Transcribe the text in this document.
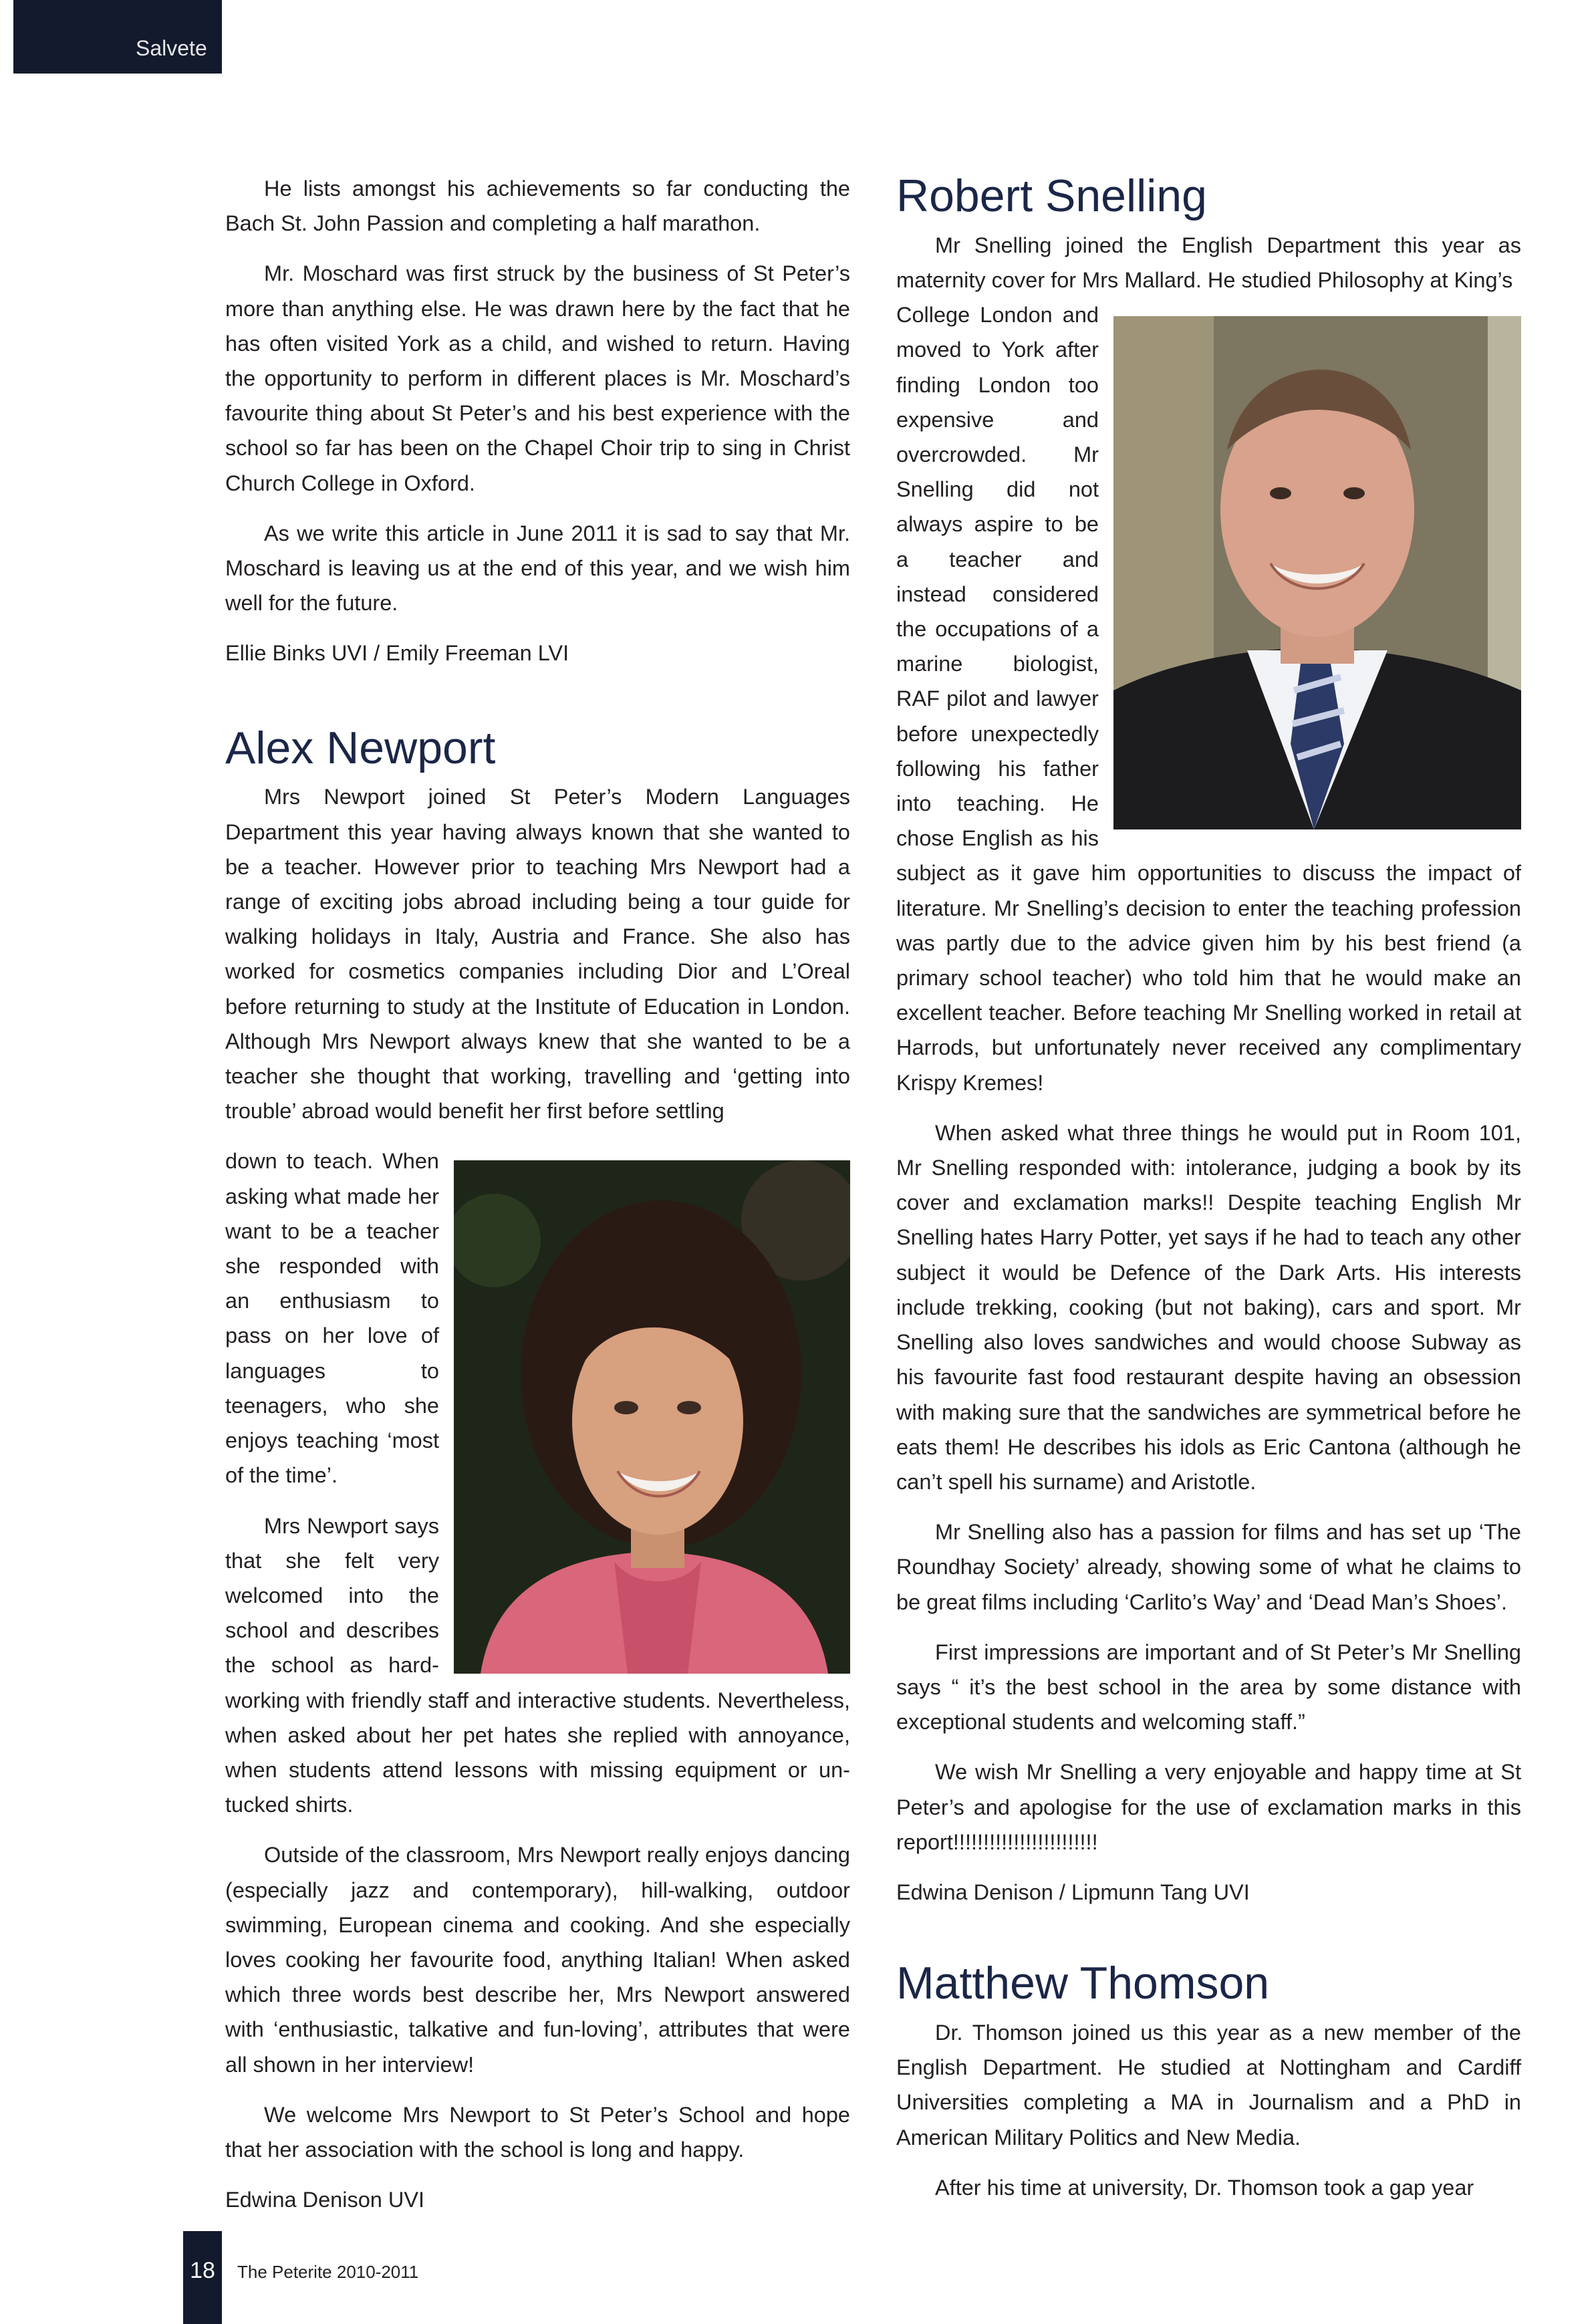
Salvete

He lists amongst his achievements so far conducting the Bach St. John Passion and completing a half marathon.

Mr. Moschard was first struck by the business of St Peter’s more than anything else. He was drawn here by the fact that he has often visited York as a child, and wished to return. Having the opportunity to perform in different places is Mr. Moschard’s favourite thing about St Peter’s and his best experience with the school so far has been on the Chapel Choir trip to sing in Christ Church College in Oxford.

As we write this article in June 2011 it is sad to say that Mr. Moschard is leaving us at the end of this year, and we wish him well for the future.

Ellie Binks UVI / Emily Freeman LVI

Alex Newport

Mrs Newport joined St Peter’s Modern Languages Department this year having always known that she wanted to be a teacher. However prior to teaching Mrs Newport had a range of exciting jobs abroad including being a tour guide for walking holidays in Italy, Austria and France. She also has worked for cosmetics companies including Dior and L’Oreal before returning to study at the Institute of Education in London. Although Mrs Newport always knew that she wanted to be a teacher she thought that working, travelling and ‘getting into trouble’ abroad would benefit her first before settling

down to teach. When asking what made her want to be a teacher she responded with an enthusiasm to pass on her love of languages to teenagers, who she enjoys teaching ‘most of the time’.

Mrs Newport says that she felt very welcomed into the school and describes the school as hard-working with friendly staff and interactive students. Nevertheless, when asked about her pet hates she replied with annoyance, when students attend lessons with missing equipment or un-tucked shirts.

Outside of the classroom, Mrs Newport really enjoys dancing (especially jazz and contemporary), hill-walking, outdoor swimming, European cinema and cooking. And she especially loves cooking her favourite food, anything Italian! When asked which three words best describe her, Mrs Newport answered with ‘enthusiastic, talkative and fun-loving’, attributes that were all shown in her interview!

We welcome Mrs Newport to St Peter’s School and hope that her association with the school is long and happy.

Edwina Denison UVI

Robert Snelling

Mr Snelling joined the English Department this year as maternity cover for Mrs Mallard. He studied Philosophy at King’s

College London and moved to York after finding London too expensive and overcrowded. Mr Snelling did not always aspire to be a teacher and instead considered the occupations of a marine biologist, RAF pilot and lawyer before unexpectedly following his father into teaching. He chose English as his subject as it gave him opportunities to discuss the impact of literature. Mr Snelling’s decision to enter the teaching profession was partly due to the advice given him by his best friend (a primary school teacher) who told him that he would make an excellent teacher. Before teaching Mr Snelling worked in retail at Harrods, but unfortunately never received any complimentary Krispy Kremes!

When asked what three things he would put in Room 101, Mr Snelling responded with: intolerance, judging a book by its cover and exclamation marks!! Despite teaching English Mr Snelling hates Harry Potter, yet says if he had to teach any other subject it would be Defence of the Dark Arts. His interests include trekking, cooking (but not baking), cars and sport. Mr Snelling also loves sandwiches and would choose Subway as his favourite fast food restaurant despite having an obsession with making sure that the sandwiches are symmetrical before he eats them! He describes his idols as Eric Cantona (although he can’t spell his surname) and Aristotle.

Mr Snelling also has a passion for films and has set up ‘The Roundhay Society’ already, showing some of what he claims to be great films including ‘Carlito’s Way’ and ‘Dead Man’s Shoes’.

First impressions are important and of St Peter’s Mr Snelling says “ it’s the best school in the area by some distance with exceptional students and welcoming staff.”

We wish Mr Snelling a very enjoyable and happy time at St Peter’s and apologise for the use of exclamation marks in this report!!!!!!!!!!!!!!!!!!!!!!!!

Edwina Denison / Lipmunn Tang UVI

Matthew Thomson

Dr. Thomson joined us this year as a new member of the English Department. He studied at Nottingham and Cardiff Universities completing a MA in Journalism and a PhD in American Military Politics and New Media.

After his time at university, Dr. Thomson took a gap year

18	The Peterite 2010-2011
